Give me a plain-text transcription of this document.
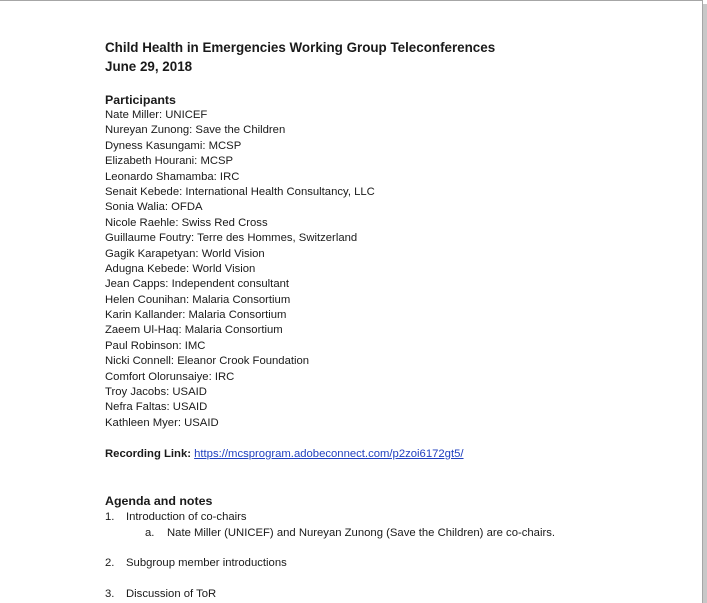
Child Health in Emergencies Working Group Teleconferences
June 29, 2018
Participants
Nate Miller: UNICEF
Nureyan Zunong: Save the Children
Dyness Kasungami: MCSP
Elizabeth Hourani: MCSP
Leonardo Shamamba: IRC
Senait Kebede: International Health Consultancy, LLC
Sonia Walia: OFDA
Nicole Raehle: Swiss Red Cross
Guillaume Foutry: Terre des Hommes, Switzerland
Gagik Karapetyan: World Vision
Adugna Kebede: World Vision
Jean Capps: Independent consultant
Helen Counihan: Malaria Consortium
Karin Kallander: Malaria Consortium
Zaeem Ul-Haq: Malaria Consortium
Paul Robinson: IMC
Nicki Connell: Eleanor Crook Foundation
Comfort Olorunsaiye: IRC
Troy Jacobs: USAID
Nefra Faltas: USAID
Kathleen Myer: USAID
Recording Link: https://mcsprogram.adobeconnect.com/p2zoi6172gt5/
Agenda and notes
1. Introduction of co-chairs
a. Nate Miller (UNICEF) and Nureyan Zunong (Save the Children) are co-chairs.
2. Subgroup member introductions
3. Discussion of ToR
